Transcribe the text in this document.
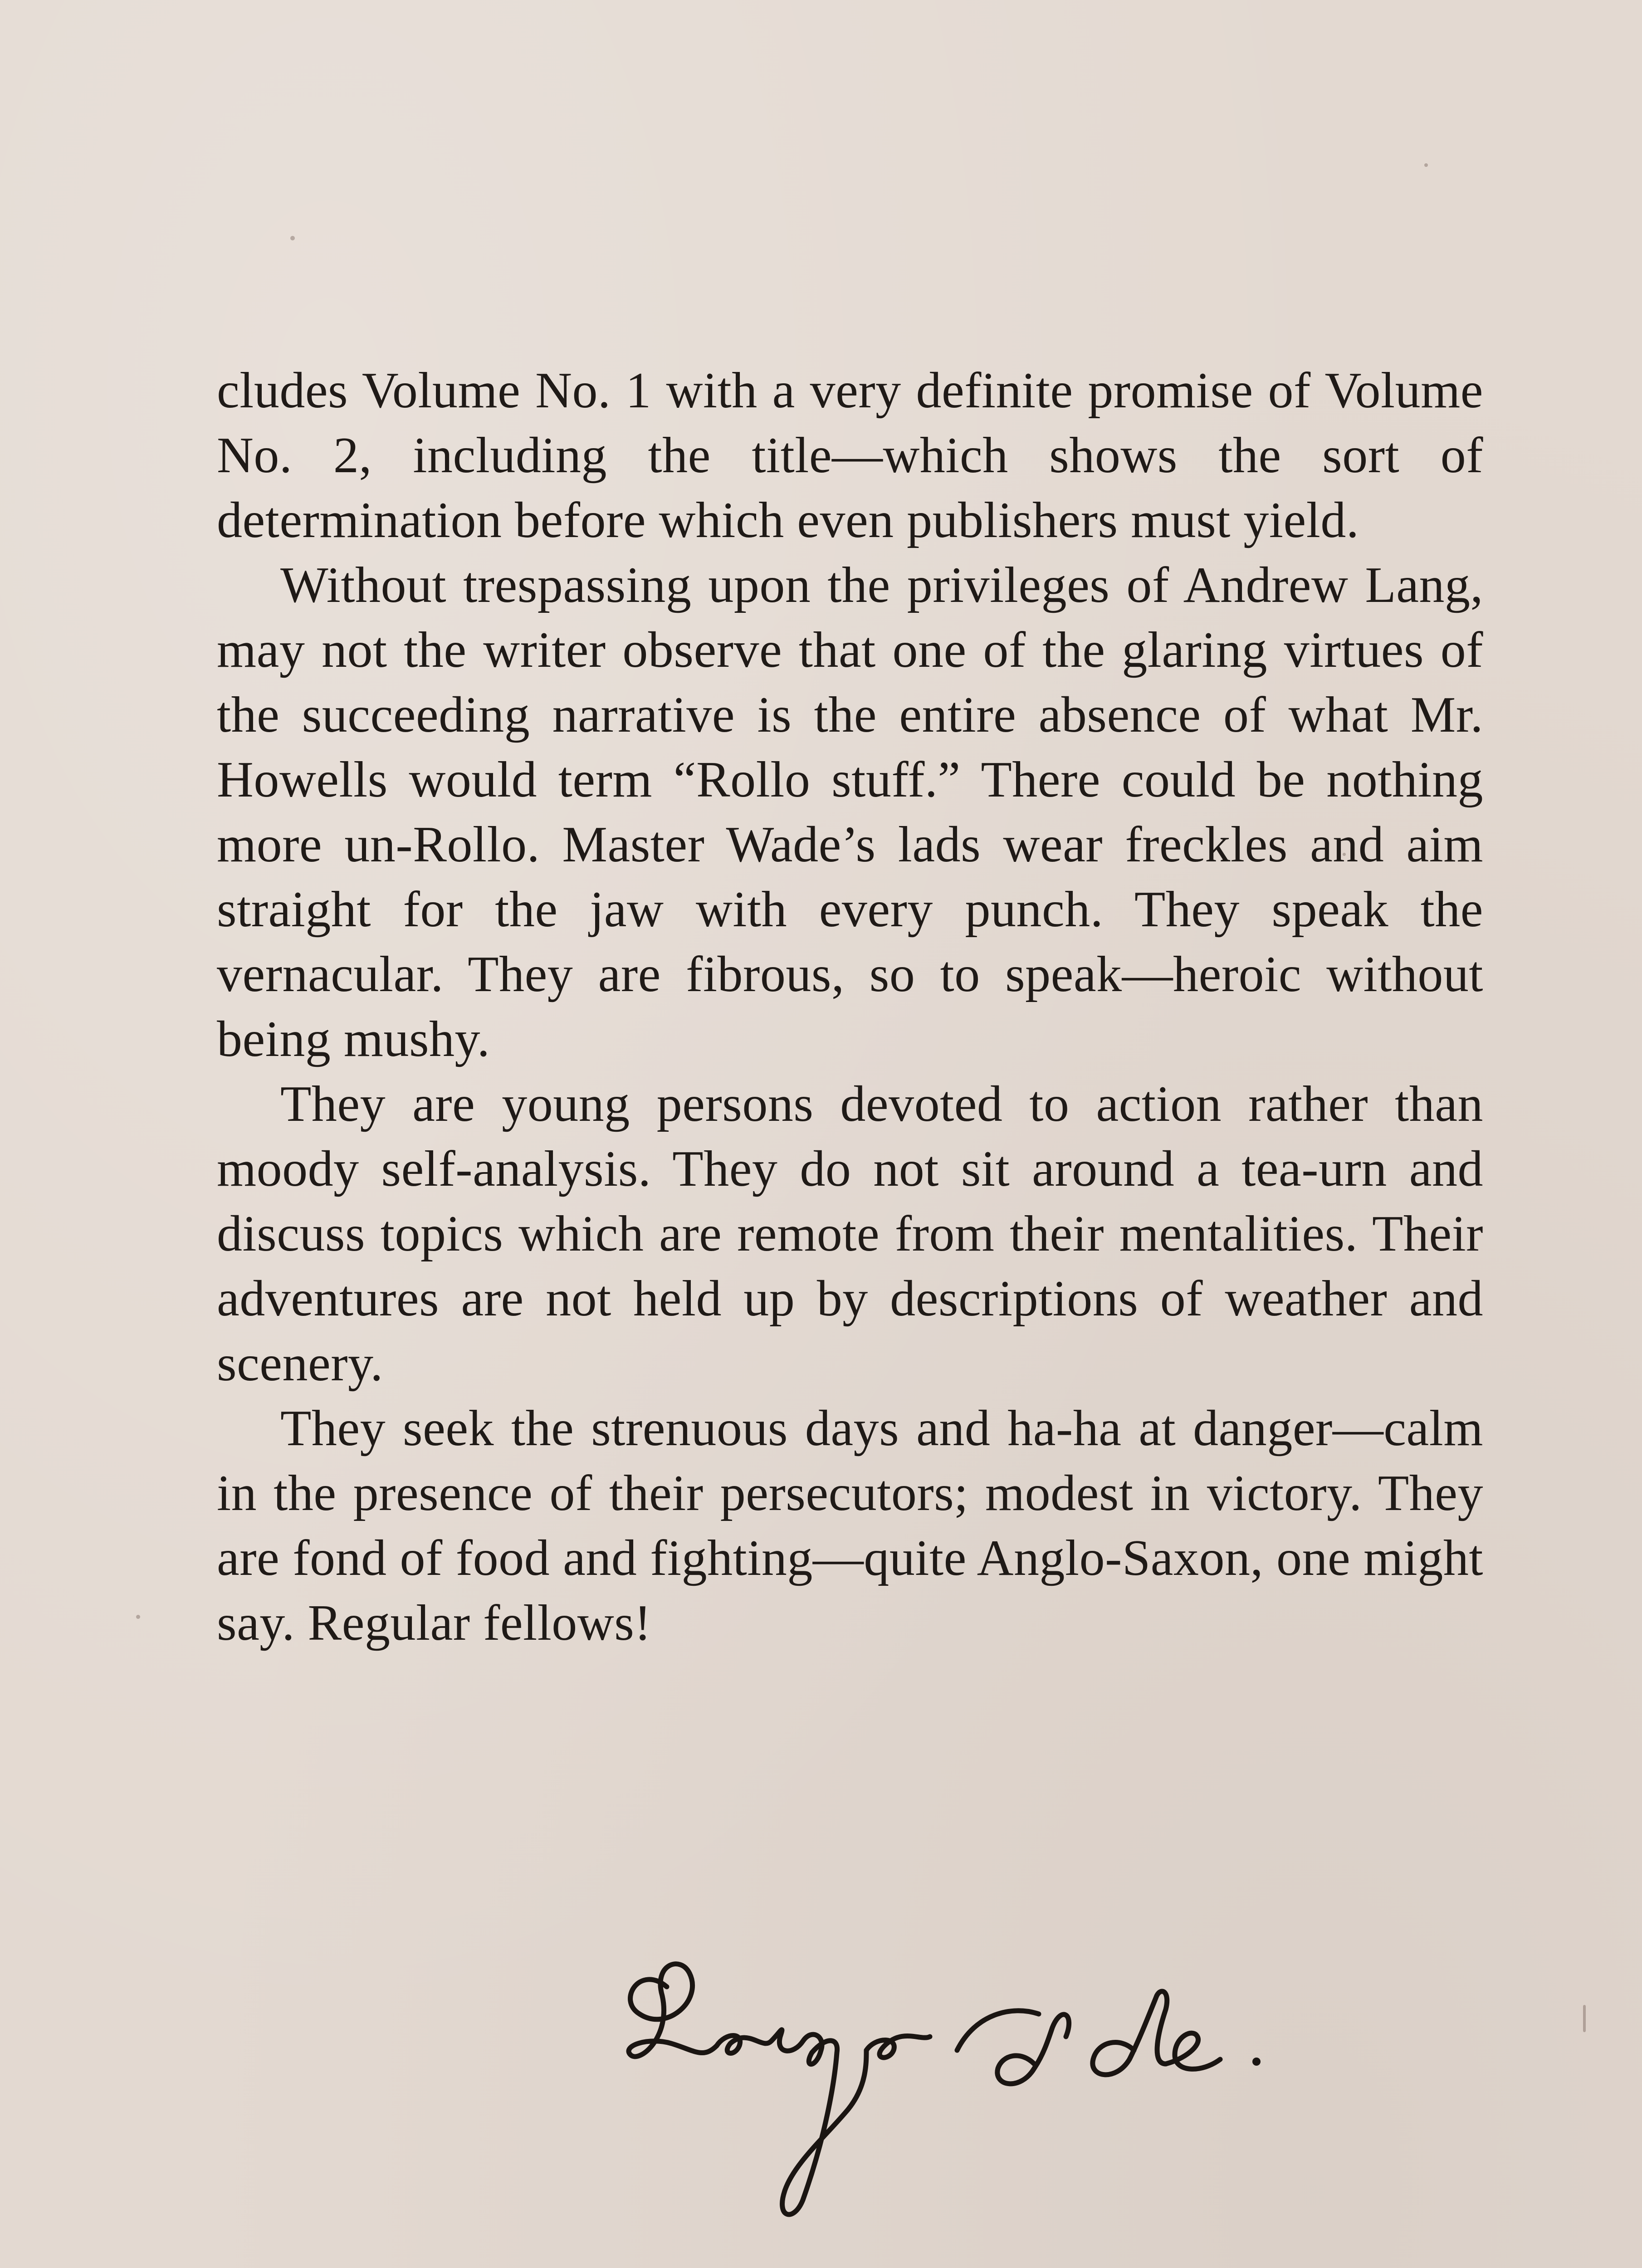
cludes Volume No. 1 with a very definite promise of Volume No. 2, including the title—which shows the sort of determination before which even publishers must yield.

Without trespassing upon the privileges of Andrew Lang, may not the writer observe that one of the glaring virtues of the succeeding narrative is the entire absence of what Mr. Howells would term “Rollo stuff.” There could be nothing more un-Rollo. Master Wade’s lads wear freckles and aim straight for the jaw with every punch. They speak the vernacular. They are fibrous, so to speak—heroic without being mushy.

They are young persons devoted to action rather than moody self-analysis. They do not sit around a tea-urn and discuss topics which are remote from their mentalities. Their adventures are not held up by descriptions of weather and scenery.

They seek the strenuous days and ha-ha at danger—calm in the presence of their persecutors; modest in victory. They are fond of food and fighting—quite Anglo-Saxon, one might say. Regular fellows!
